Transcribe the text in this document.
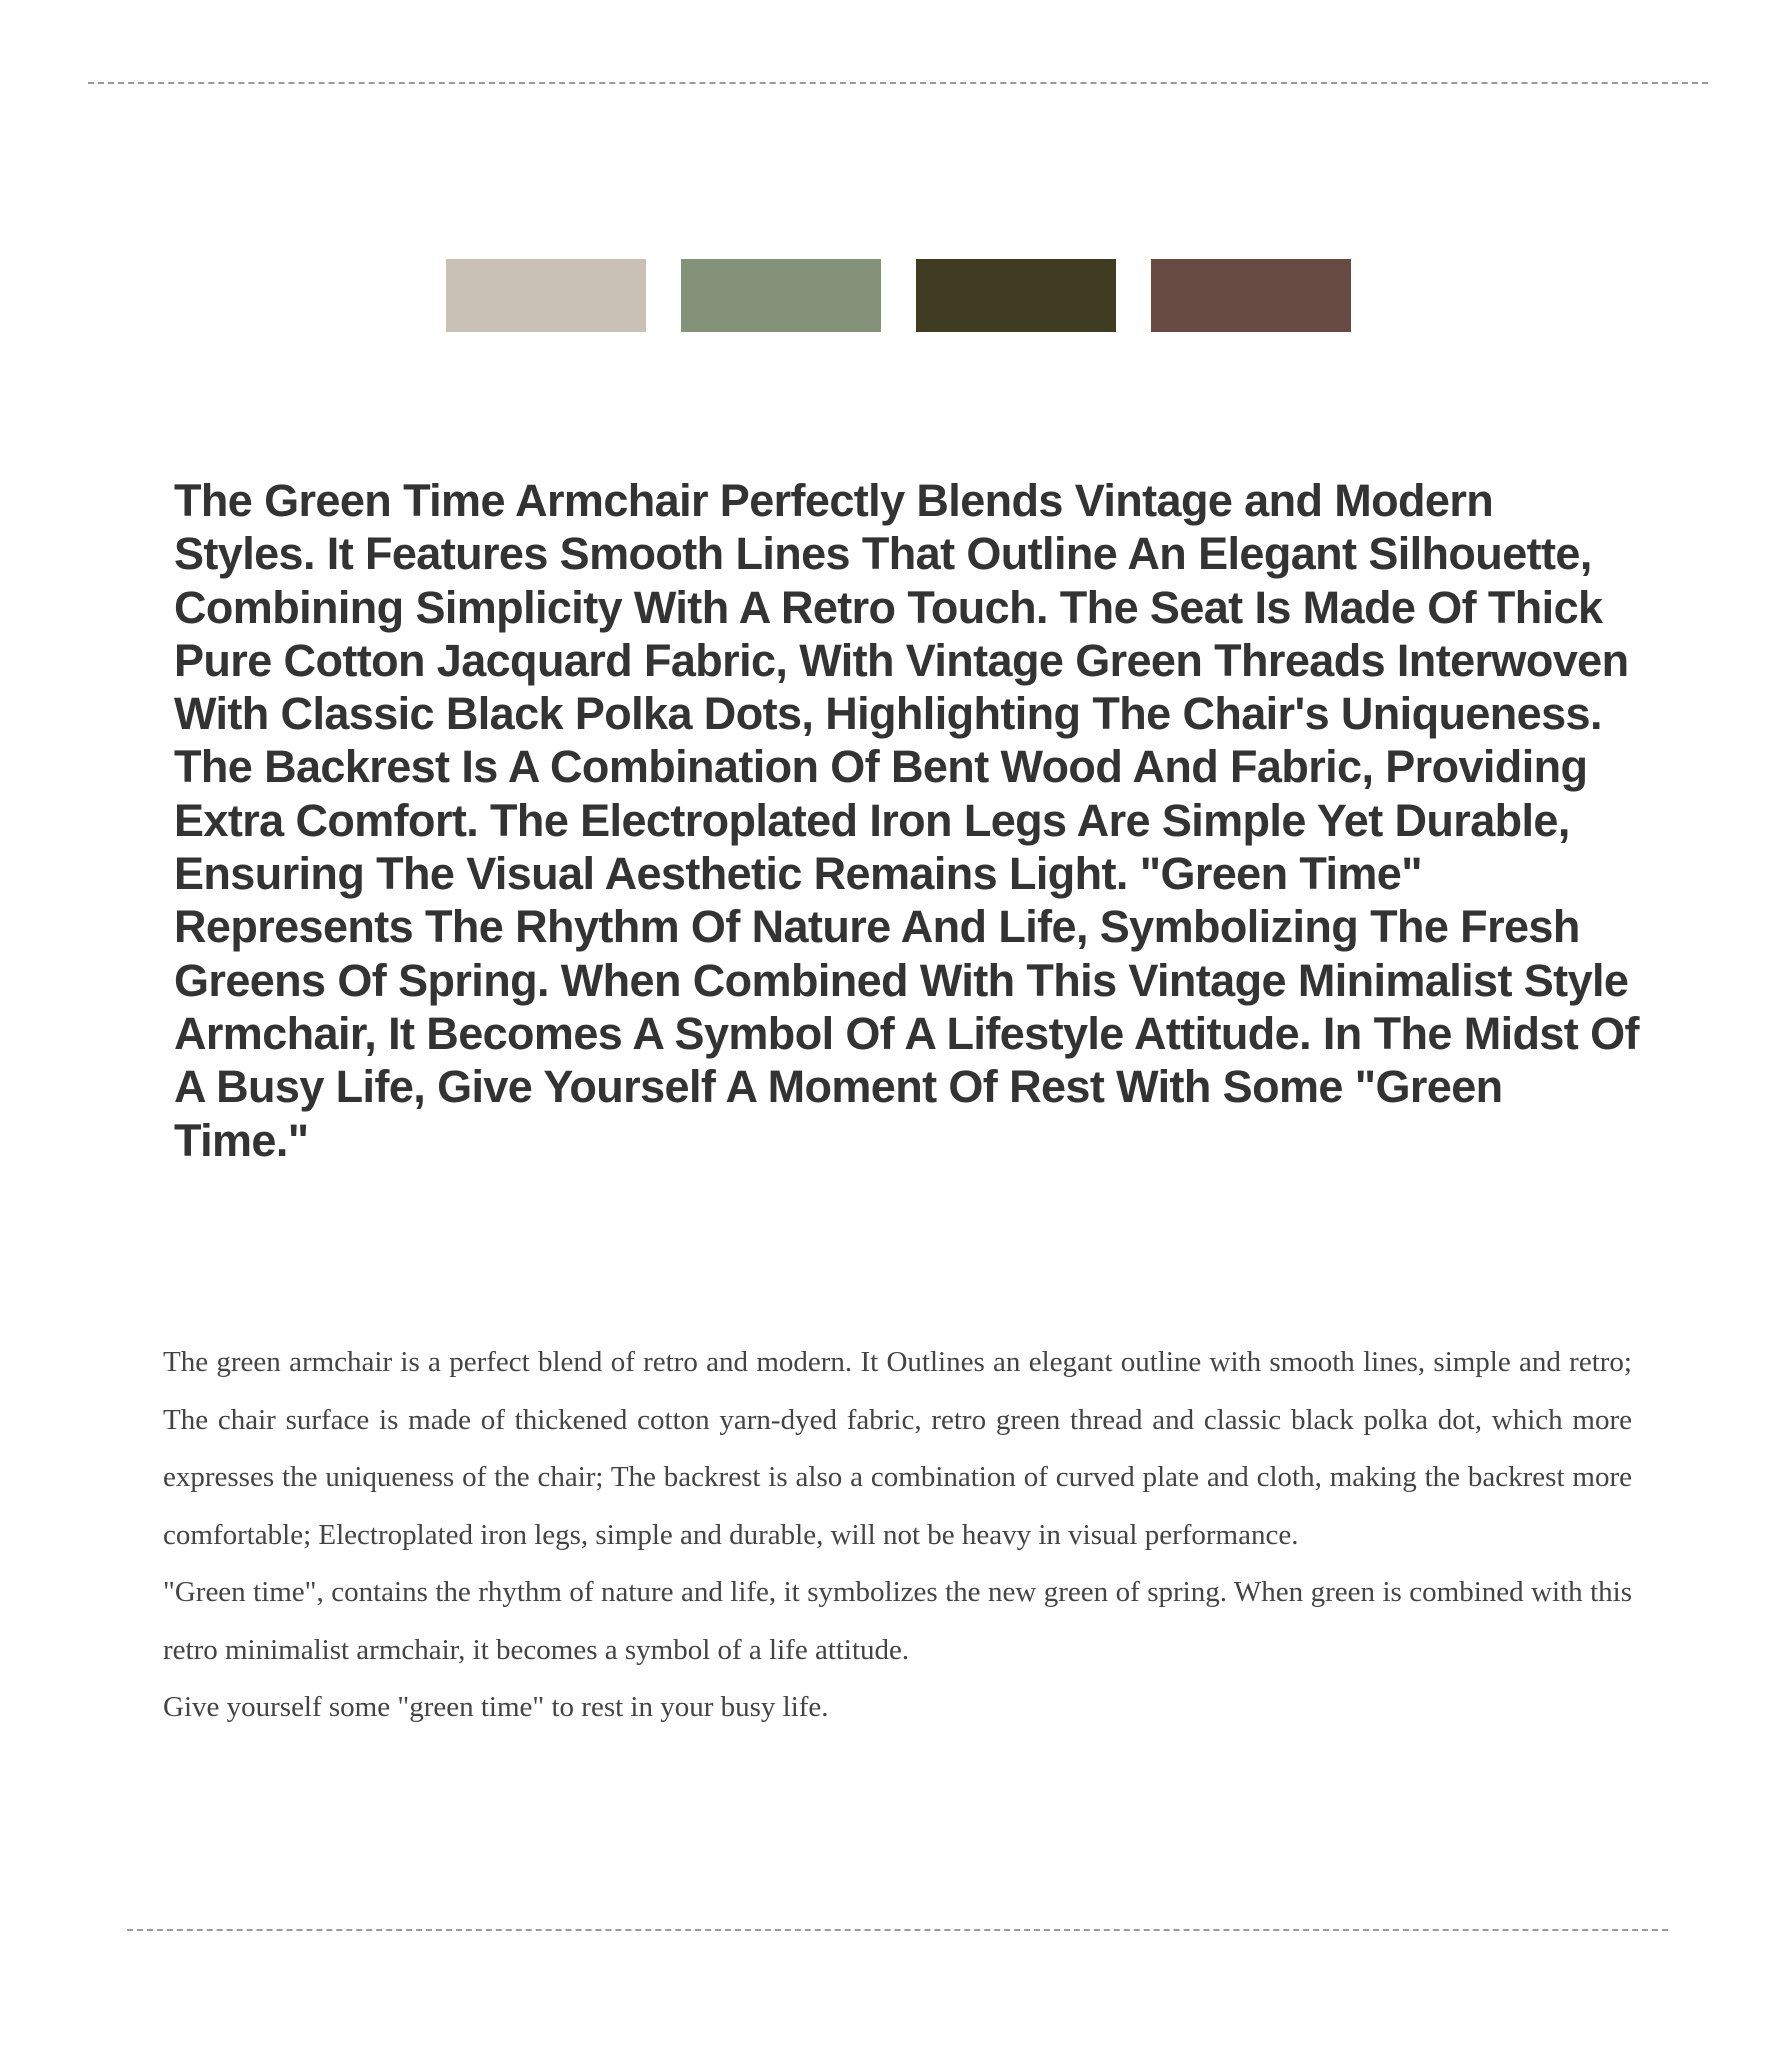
The Green Time Armchair Perfectly Blends Vintage and Modern Styles. It Features Smooth Lines That Outline An Elegant Silhouette, Combining Simplicity With A Retro Touch. The Seat Is Made Of Thick Pure Cotton Jacquard Fabric, With Vintage Green Threads Interwoven With Classic Black Polka Dots, Highlighting The Chair's Uniqueness. The Backrest Is A Combination Of Bent Wood And Fabric, Providing Extra Comfort. The Electroplated Iron Legs Are Simple Yet Durable, Ensuring The Visual Aesthetic Remains Light. "Green Time" Represents The Rhythm Of Nature And Life, Symbolizing The Fresh Greens Of Spring. When Combined With This Vintage Minimalist Style Armchair, It Becomes A Symbol Of A Lifestyle Attitude. In The Midst Of A Busy Life, Give Yourself A Moment Of Rest With Some "Green Time."

The green armchair is a perfect blend of retro and modern. It Outlines an elegant outline with smooth lines, simple and retro; The chair surface is made of thickened cotton yarn-dyed fabric, retro green thread and classic black polka dot, which more expresses the uniqueness of the chair; The backrest is also a combination of curved plate and cloth, making the backrest more comfortable; Electroplated iron legs, simple and durable, will not be heavy in visual performance.

"Green time", contains the rhythm of nature and life, it symbolizes the new green of spring. When green is combined with this retro minimalist armchair, it becomes a symbol of a life attitude.

Give yourself some "green time" to rest in your busy life.
